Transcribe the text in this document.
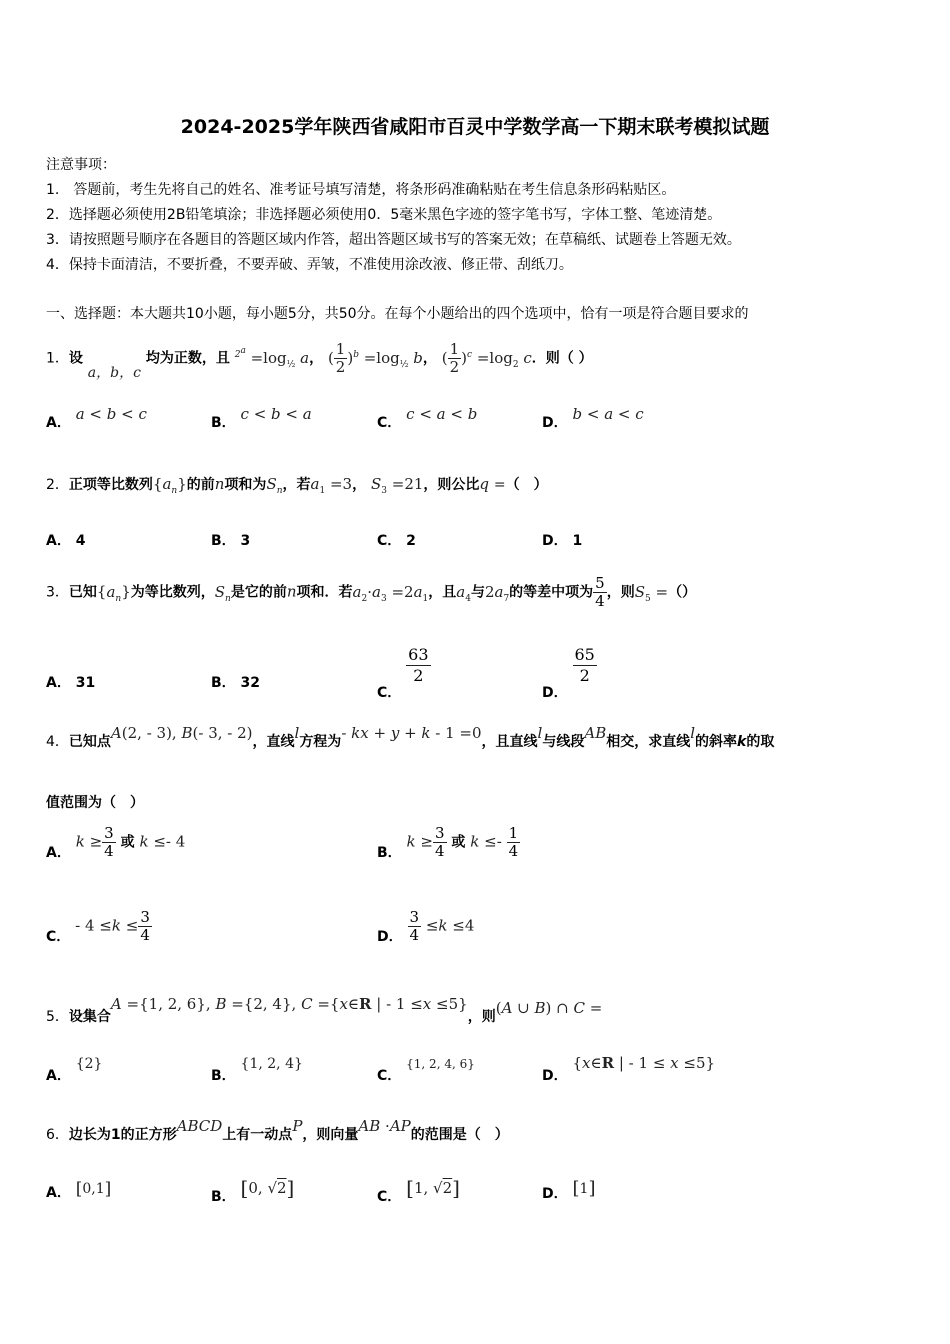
2024-2025学年陕西省咸阳市百灵中学数学高一下期末联考模拟试题
注意事项：
1.　答题前，考生先将自己的姓名、准考证号填写清楚，将条形码准确粘贴在考生信息条形码粘贴区。
2．选择题必须使用2B铅笔填涂；非选择题必须使用0．5毫米黑色字迹的签字笔书写，字体工整、笔迹清楚。
3．请按照题号顺序在各题目的答题区域内作答，超出答题区域书写的答案无效；在草稿纸、试题卷上答题无效。
4．保持卡面清洁，不要折叠，不要弄破、弄皱，不准使用涂改液、修正带、刮纸刀。
一、选择题：本大题共10小题，每小题5分，共50分。在每个小题给出的四个选项中，恰有一项是符合题目要求的
1．设 a，b，c 均为正数，且 $^{2^a} =\log_{\frac{1}{2}}$ a， ( $\frac{1}{2} )^b =\log_{\frac{1}{2}}$ b， ( $\frac{1}{2} )^c =\log_2$ c．则（ ）
A． a < b < c	B． c < b < a	C． c < a < b	D． b < a < c
2．正项等比数列$\{a_n\}$的前n项和为$S_n$，若$a_1 =3$， $S_3 =21$，则公比q =（　）
A． 4	B． 3	C． 2	D． 1
3．已知$\{a_n\}$为等比数列，$S_n$是它的前n项和．若$a_2\cdot a_3 =2a_1$，且$a_4$与$2a_7$的等差中项为 $\frac{5}{4}$ ，则$S_5$ =（）
A． 31	B． 32
C．
$\frac{63}{2}$
D．
$\frac{65}{2}$
4．已知点A(2, - 3), B(- 3, - 2)，直线l方程为- kx + y + k - 1 =0，且直线l与线段AB相交，求直线l的斜率k的取
值范围为（　）
A． $k \ge \frac{3}{4}$ 或 k ≤- 4
B． $k \ge \frac{3}{4}$ 或 $k \le- \frac{1}{4}$
C． - $4 \le k \le \frac{3}{4}$	D． $\frac{3}{4} \le k \le 4$
5．设集合A ={1, 2, 6}, B ={2, 4}, C ={x∈R | - 1 ≤x ≤5}，则(A ∪ B) ∩ C =
A． {2}
B． {1, 2, 4}
C． {1, 2, 4, 6}
D． {x∈R | - 1 ≤ x ≤5}
6．边长为1的正方形ABCD上有一动点P，则向量AB ·AP的范围是（　）
A． [0,1]	B． [0, √2]	C． [1, √2]	D． [1]
